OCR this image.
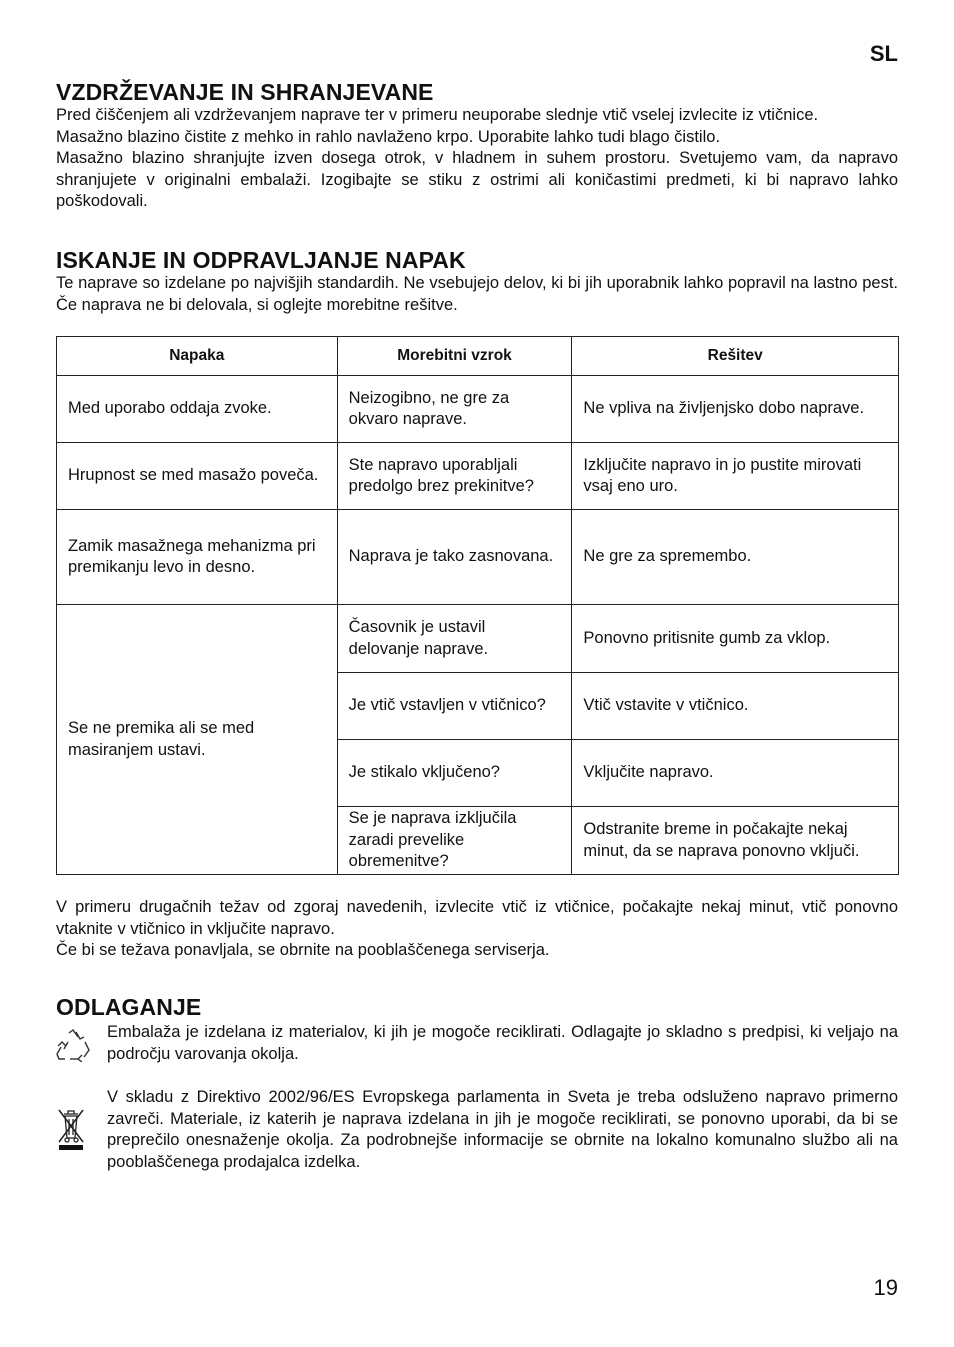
SL
VZDRŽEVANJE IN SHRANJEVANE
Pred čiščenjem ali vzdrževanjem naprave ter v primeru neuporabe slednje vtič vselej izvlecite iz vtičnice.
Masažno blazino čistite z mehko in rahlo navlaženo krpo. Uporabite lahko tudi blago čistilo.
Masažno blazino shranjujte izven dosega otrok, v hladnem in suhem prostoru. Svetujemo vam, da napravo shranjujete v originalni embalaži. Izogibajte se stiku z ostrimi ali koničastimi predmeti, ki bi napravo lahko poškodovali.
ISKANJE IN ODPRAVLJANJE NAPAK
Te naprave so izdelane po najvišjih standardih. Ne vsebujejo delov, ki bi jih uporabnik lahko popravil na lastno pest. Če naprava ne bi delovala, si oglejte morebitne rešitve.
Napaka	Morebitni vzrok	Rešitev
Med uporabo oddaja zvoke.	Neizogibno, ne gre za okvaro naprave.	Ne vpliva na življenjsko dobo naprave.
Hrupnost se med masažo poveča.	Ste napravo uporabljali predolgo brez prekinitve?	Izključite napravo in jo pustite mirovati vsaj eno uro.
Zamik masažnega mehanizma pri premikanju levo in desno.	Naprava je tako zasnovana.	Ne gre za spremembo.
Se ne premika ali se med masiranjem ustavi.	Časovnik je ustavil delovanje naprave.	Ponovno pritisnite gumb za vklop.
	Je vtič vstavljen v vtičnico?	Vtič vstavite v vtičnico.
	Je stikalo vključeno?	Vključite napravo.
	Se je naprava izključila zaradi prevelike obremenitve?	Odstranite breme in počakajte nekaj minut, da se naprava ponovno vključi.
V primeru drugačnih težav od zgoraj navedenih, izvlecite vtič iz vtičnice, počakajte nekaj minut, vtič ponovno vtaknite v vtičnico in vključite napravo.
Če bi se težava ponavljala, se obrnite na pooblaščenega serviserja.
ODLAGANJE
Embalaža je izdelana iz materialov, ki jih je mogoče reciklirati. Odlagajte jo skladno s predpisi, ki veljajo na področju varovanja okolja.
V skladu z Direktivo 2002/96/ES Evropskega parlamenta in Sveta je treba odsluženo napravo primerno zavreči. Materiale, iz katerih je naprava izdelana in jih je mogoče reciklirati, se ponovno uporabi, da bi se preprečilo onesnaženje okolja. Za podrobnejše informacije se obrnite na lokalno komunalno službo ali na pooblaščenega prodajalca izdelka.
19
